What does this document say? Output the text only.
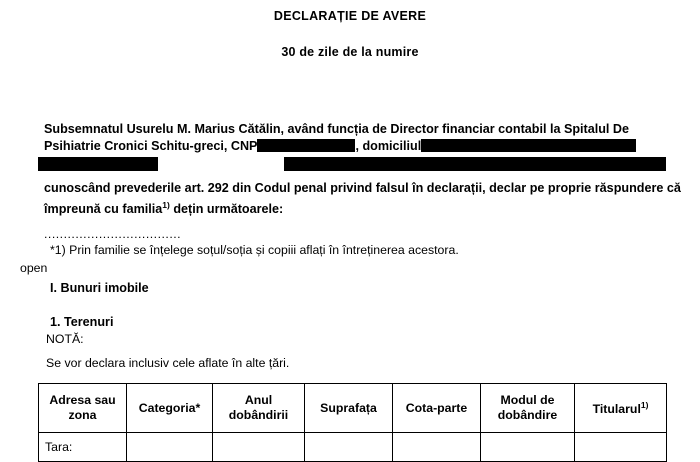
DECLARAȚIE DE AVERE
30 de zile de la numire
Subsemnatul Usurelu M. Marius Cătălin, având funcția de Director financiar contabil la Spitalul De Psihiatrie Cronici Schitu-greci, CNP	, domiciliul
cunoscând prevederile art. 292 din Codul penal privind falsul în declarații, declar pe proprie răspundere că împreună cu familia$^{1)}$ dețin următoarele:
...................................
*1) Prin familie se înțelege soțul/soția și copiii aflați în întreținerea acestora.
open
I. Bunuri imobile
1. Terenuri
NOTĂ:
Se vor declara inclusiv cele aflate în alte țări.
Adresa sau zona	Categoria*	Anul dobândirii	Suprafața	Cota-parte	Modul de dobândire	Titularul$^{1)}$
Tara:						
